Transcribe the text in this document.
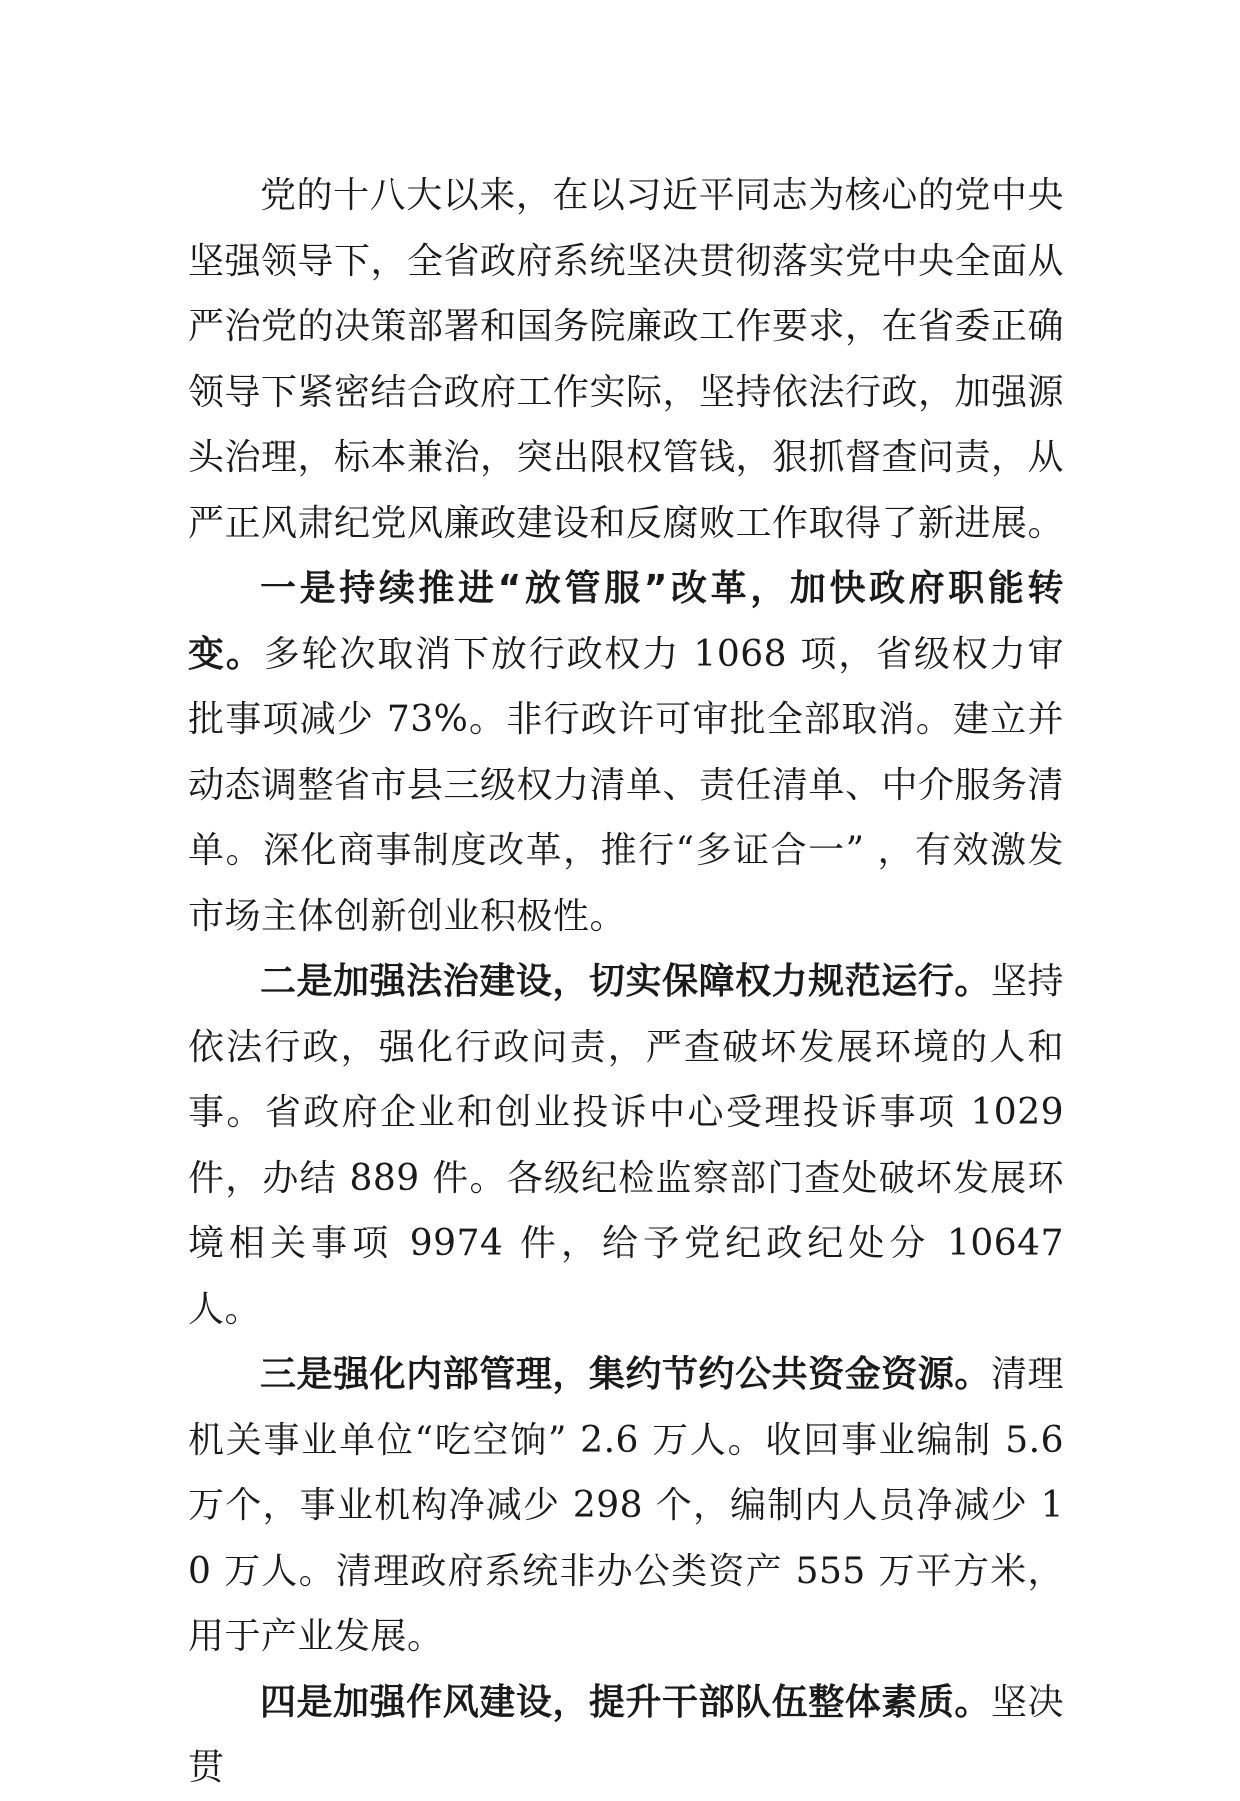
党的十八大以来，在以习近平同志为核心的党中央坚强领导下，全省政府系统坚决贯彻落实党中央全面从严治党的决策部署和国务院廉政工作要求，在省委正确领导下紧密结合政府工作实际，坚持依法行政，加强源头治理，标本兼治，突出限权管钱，狠抓督查问责，从严正风肃纪党风廉政建设和反腐败工作取得了新进展。

一是持续推进“放管服”改革，加快政府职能转变。多轮次取消下放行政权力 1068 项，省级权力审批事项减少 73%。非行政许可审批全部取消。建立并动态调整省市县三级权力清单、责任清单、中介服务清单。深化商事制度改革，推行“多证合一” ，有效激发市场主体创新创业积极性。

二是加强法治建设，切实保障权力规范运行。坚持依法行政，强化行政问责，严查破坏发展环境的人和事。省政府企业和创业投诉中心受理投诉事项 1029 件，办结 889 件。各级纪检监察部门查处破坏发展环境相关事项 9974 件，给予党纪政纪处分 10647 人。

三是强化内部管理，集约节约公共资金资源。清理机关事业单位“吃空饷” 2.6 万人。收回事业编制 5.6 万个，事业机构净减少 298 个，编制内人员净减少 10 万人。清理政府系统非办公类资产 555 万平方米，用于产业发展。

四是加强作风建设，提升干部队伍整体素质。坚决贯
